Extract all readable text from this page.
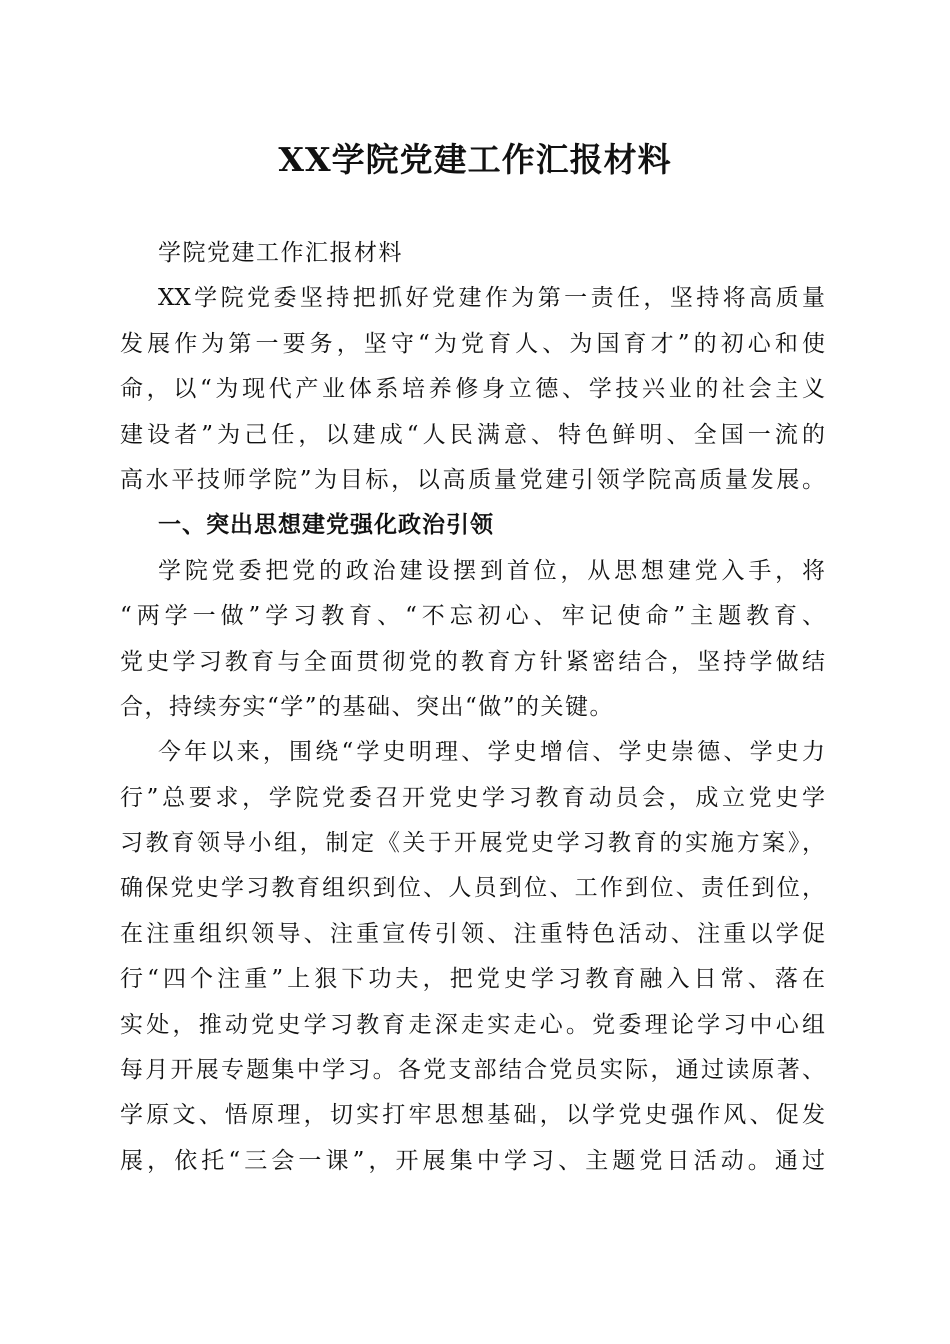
XX学院党建工作汇报材料

学院党建工作汇报材料

XX学院党委坚持把抓好党建作为第一责任，坚持将高质量

发展作为第一要务，坚守“为党育人、为国育才”的初心和使

命，以“为现代产业体系培养修身立德、学技兴业的社会主义

建设者”为己任，以建成“人民满意、特色鲜明、全国一流的

高水平技师学院”为目标，以高质量党建引领学院高质量发展。

一、突出思想建党强化政治引领

学院党委把党的政治建设摆到首位，从思想建党入手，将

“两学一做”学习教育、“不忘初心、牢记使命”主题教育、

党史学习教育与全面贯彻党的教育方针紧密结合，坚持学做结

合，持续夯实“学”的基础、突出“做”的关键。

今年以来，围绕“学史明理、学史增信、学史崇德、学史力

行”总要求，学院党委召开党史学习教育动员会，成立党史学

习教育领导小组，制定《关于开展党史学习教育的实施方案》，

确保党史学习教育组织到位、人员到位、工作到位、责任到位，

在注重组织领导、注重宣传引领、注重特色活动、注重以学促

行“四个注重”上狠下功夫，把党史学习教育融入日常、落在

实处，推动党史学习教育走深走实走心。党委理论学习中心组

每月开展专题集中学习。各党支部结合党员实际，通过读原著、

学原文、悟原理，切实打牢思想基础，以学党史强作风、促发

展，依托“三会一课”，开展集中学习、主题党日活动。通过
